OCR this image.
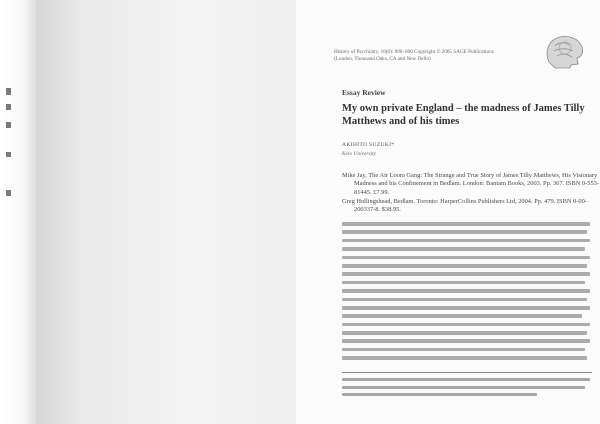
History of Psychiatry, 16(0): 000–000 Copyright © 2005 SAGE Publications (London, Thousand Oaks, CA and New Delhi)
Essay Review
My own private England – the madness of James Tilly Matthews and of his times
AKIHITO SUZUKI*
Keio University
Mike Jay, The Air Loom Gang: The Strange and True Story of James Tilly Matthews, His Visionary Madness and his Confinement in Bedlam. London: Bantam Books, 2003. Pp. 367. ISBN 0-553-81445. £7.99.
Greg Hollingshead, Bedlam. Toronto: HarperCollins Publishers Ltd, 2004. Pp. 479. ISBN 0-00-200337-8. $38.95.
